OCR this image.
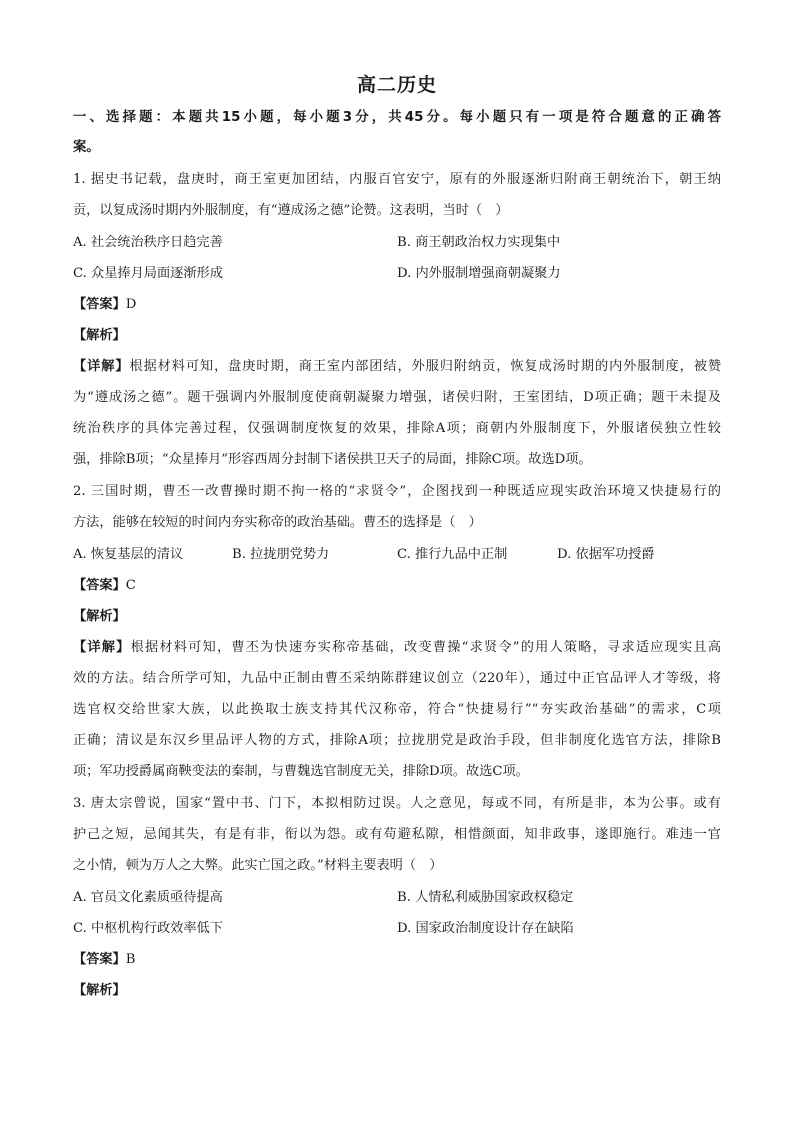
高二历史
一、选择题：本题共15小题，每小题3分，共45分。每小题只有一项是符合题意的正确答
案。
1. 据史书记载，盘庚时，商王室更加团结，内服百官安宁，原有的外服逐渐归附商王朝统治下，朝王纳
贡，以复成汤时期内外服制度，有“遵成汤之德”论赞。这表明，当时（　）
A. 社会统治秩序日趋完善	B. 商王朝政治权力实现集中
C. 众星捧月局面逐渐形成	D. 内外服制增强商朝凝聚力
【答案】D
【解析】
【详解】根据材料可知，盘庚时期，商王室内部团结，外服归附纳贡，恢复成汤时期的内外服制度，被赞
为“遵成汤之德”。题干强调内外服制度使商朝凝聚力增强，诸侯归附，王室团结，D项正确；题干未提及
统治秩序的具体完善过程，仅强调制度恢复的效果，排除A项；商朝内外服制度下，外服诸侯独立性较
强，排除B项；“众星捧月”形容西周分封制下诸侯拱卫天子的局面，排除C项。故选D项。
2. 三国时期，曹丕一改曹操时期不拘一格的“求贤令”，企图找到一种既适应现实政治环境又快捷易行的
方法，能够在较短的时间内夯实称帝的政治基础。曹丕的选择是（　）
A. 恢复基层的清议	B. 拉拢朋党势力	C. 推行九品中正制	D. 依据军功授爵
【答案】C
【解析】
【详解】根据材料可知，曹丕为快速夯实称帝基础，改变曹操“求贤令”的用人策略，寻求适应现实且高
效的方法。结合所学可知，九品中正制由曹丕采纳陈群建议创立（220年），通过中正官品评人才等级，将
选官权交给世家大族，以此换取士族支持其代汉称帝，符合“快捷易行”“夯实政治基础”的需求，C项
正确；清议是东汉乡里品评人物的方式，排除A项；拉拢朋党是政治手段，但非制度化选官方法，排除B
项；军功授爵属商鞅变法的秦制，与曹魏选官制度无关，排除D项。故选C项。
3. 唐太宗曾说，国家“置中书、门下，本拟相防过误。人之意见，每或不同，有所是非，本为公事。或有
护己之短，忌闻其失，有是有非，衔以为怨。或有苟避私隙，相惜颜面，知非政事，遂即施行。难违一官
之小情，顿为万人之大弊。此实亡国之政。”材料主要表明（　）
A. 官员文化素质亟待提高	B. 人情私利威胁国家政权稳定
C. 中枢机构行政效率低下	D. 国家政治制度设计存在缺陷
【答案】B
【解析】
